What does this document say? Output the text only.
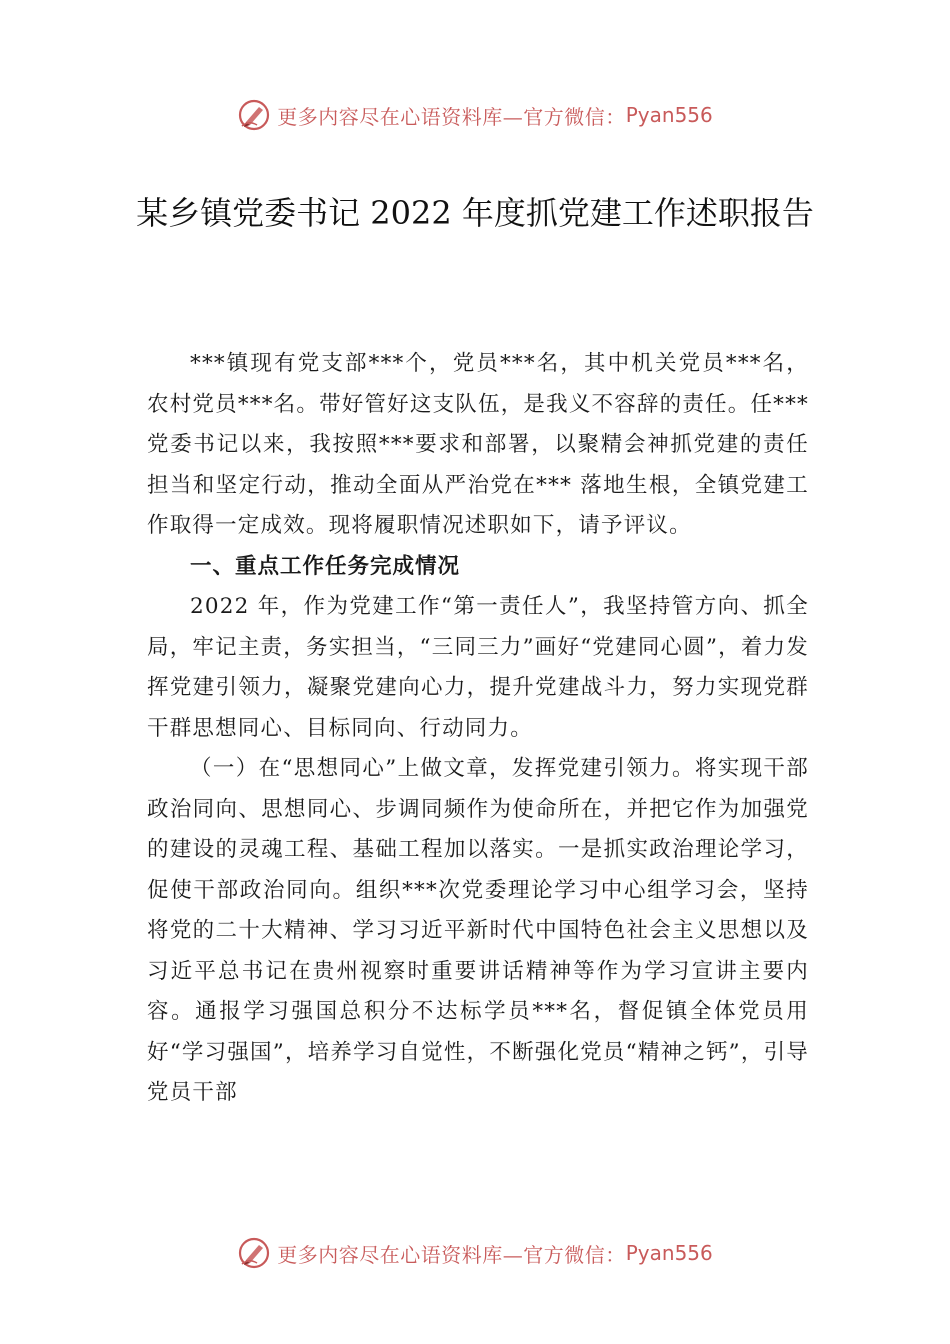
更多内容尽在心语资料库—官方微信： Pyan556
某乡镇党委书记 2022 年度抓党建工作述职报告

***镇现有党支部***个，党员***名，其中机关党员***名，农村党员***名。带好管好这支队伍，是我义不容辞的责任。任***党委书记以来，我按照***要求和部署，以聚精会神抓党建的责任担当和坚定行动，推动全面从严治党在*** 落地生根，全镇党建工作取得一定成效。现将履职情况述职如下，请予评议。

一、重点工作任务完成情况

2022 年，作为党建工作“第一责任人”，我坚持管方向、抓全局，牢记主责，务实担当，“三同三力”画好“党建同心圆”，着力发挥党建引领力，凝聚党建向心力，提升党建战斗力，努力实现党群干群思想同心、目标同向、行动同力。

（一）在“思想同心”上做文章，发挥党建引领力。将实现干部政治同向、思想同心、步调同频作为使命所在，并把它作为加强党的建设的灵魂工程、基础工程加以落实。一是抓实政治理论学习，促使干部政治同向。组织***次党委理论学习中心组学习会，坚持将党的二十大精神、学习习近平新时代中国特色社会主义思想以及习近平总书记在贵州视察时重要讲话精神等作为学习宣讲主要内容。通报学习强国总积分不达标学员***名，督促镇全体党员用好“学习强国”，培养学习自觉性，不断强化党员“精神之钙”，引导党员干部

更多内容尽在心语资料库—官方微信： Pyan556
